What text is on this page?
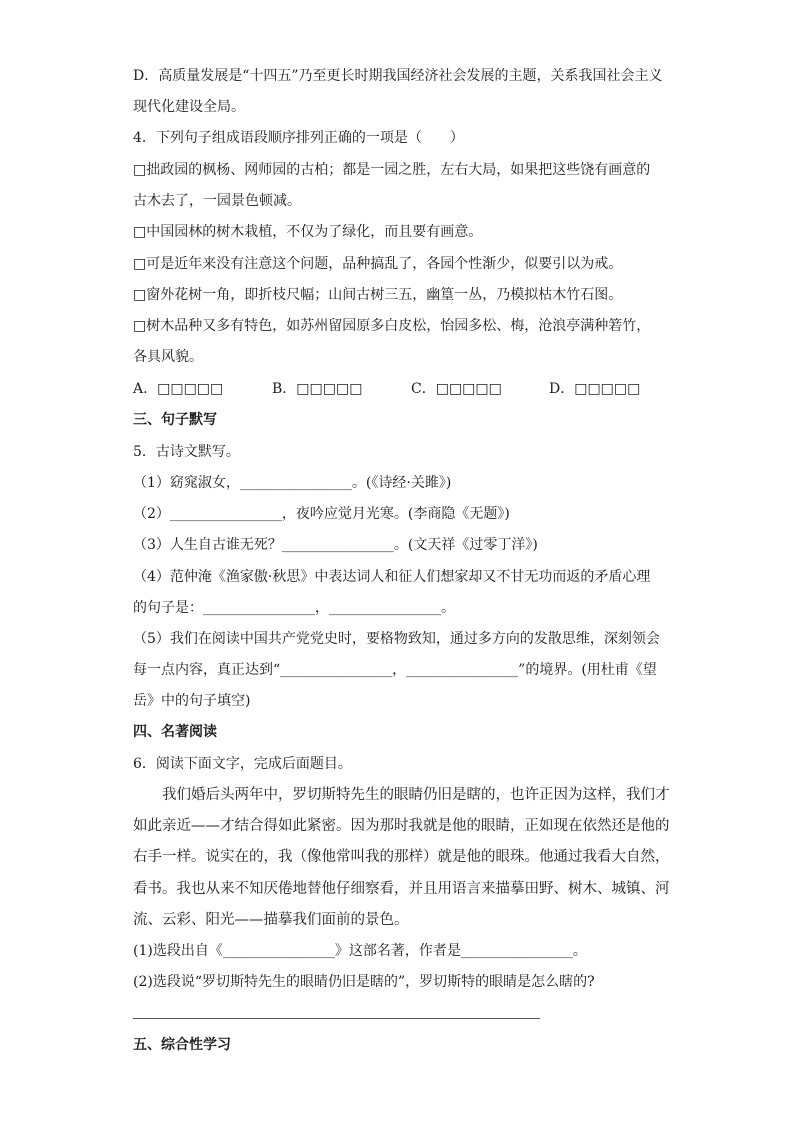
D．高质量发展是“十四五”乃至更长时期我国经济社会发展的主题，关系我国社会主义
现代化建设全局。
4．下列句子组成语段顺序排列正确的一项是（　　）
□拙政园的枫杨、网师园的古柏；都是一园之胜，左右大局，如果把这些饶有画意的
古木去了，一园景色顿减。
□中国园林的树木栽植，不仅为了绿化，而且要有画意。
□可是近年来没有注意这个问题，品种搞乱了，各园个性渐少，似要引以为戒。
□窗外花树一角，即折枝尺幅；山间古树三五，幽篁一丛，乃模拟枯木竹石图。
□树木品种又多有特色，如苏州留园原多白皮松，怡园多松、梅，沧浪亭满种箬竹，
各具风貌。
A．□□□□□	B．□□□□□	C．□□□□□	D．□□□□□
三、句子默写
5．古诗文默写。
（1）窈窕淑女，________________。(《诗经·关雎》)
（2）________________，夜吟应觉月光寒。(李商隐《无题》)
（3）人生自古谁无死？________________。(文天祥《过零丁洋》)
（4）范仲淹《渔家傲·秋思》中表达词人和征人们想家却又不甘无功而返的矛盾心理
的句子是：________________，________________。
（5）我们在阅读中国共产党党史时，要格物致知，通过多方向的发散思维，深刻领会
每一点内容，真正达到“________________，________________”的境界。(用杜甫《望
岳》中的句子填空)
四、名著阅读
6．阅读下面文字，完成后面题目。
我们婚后头两年中，罗切斯特先生的眼睛仍旧是瞎的，也许正因为这样，我们才
如此亲近——才结合得如此紧密。因为那时我就是他的眼睛，正如现在依然还是他的
右手一样。说实在的，我（像他常叫我的那样）就是他的眼珠。他通过我看大自然，
看书。我也从来不知厌倦地替他仔细察看，并且用语言来描摹田野、树木、城镇、河
流、云彩、阳光——描摹我们面前的景色。
(1)选段出自《________________》这部名著，作者是________________。
(2)选段说“罗切斯特先生的眼睛仍旧是瞎的”，罗切斯特的眼睛是怎么瞎的?
五、综合性学习
